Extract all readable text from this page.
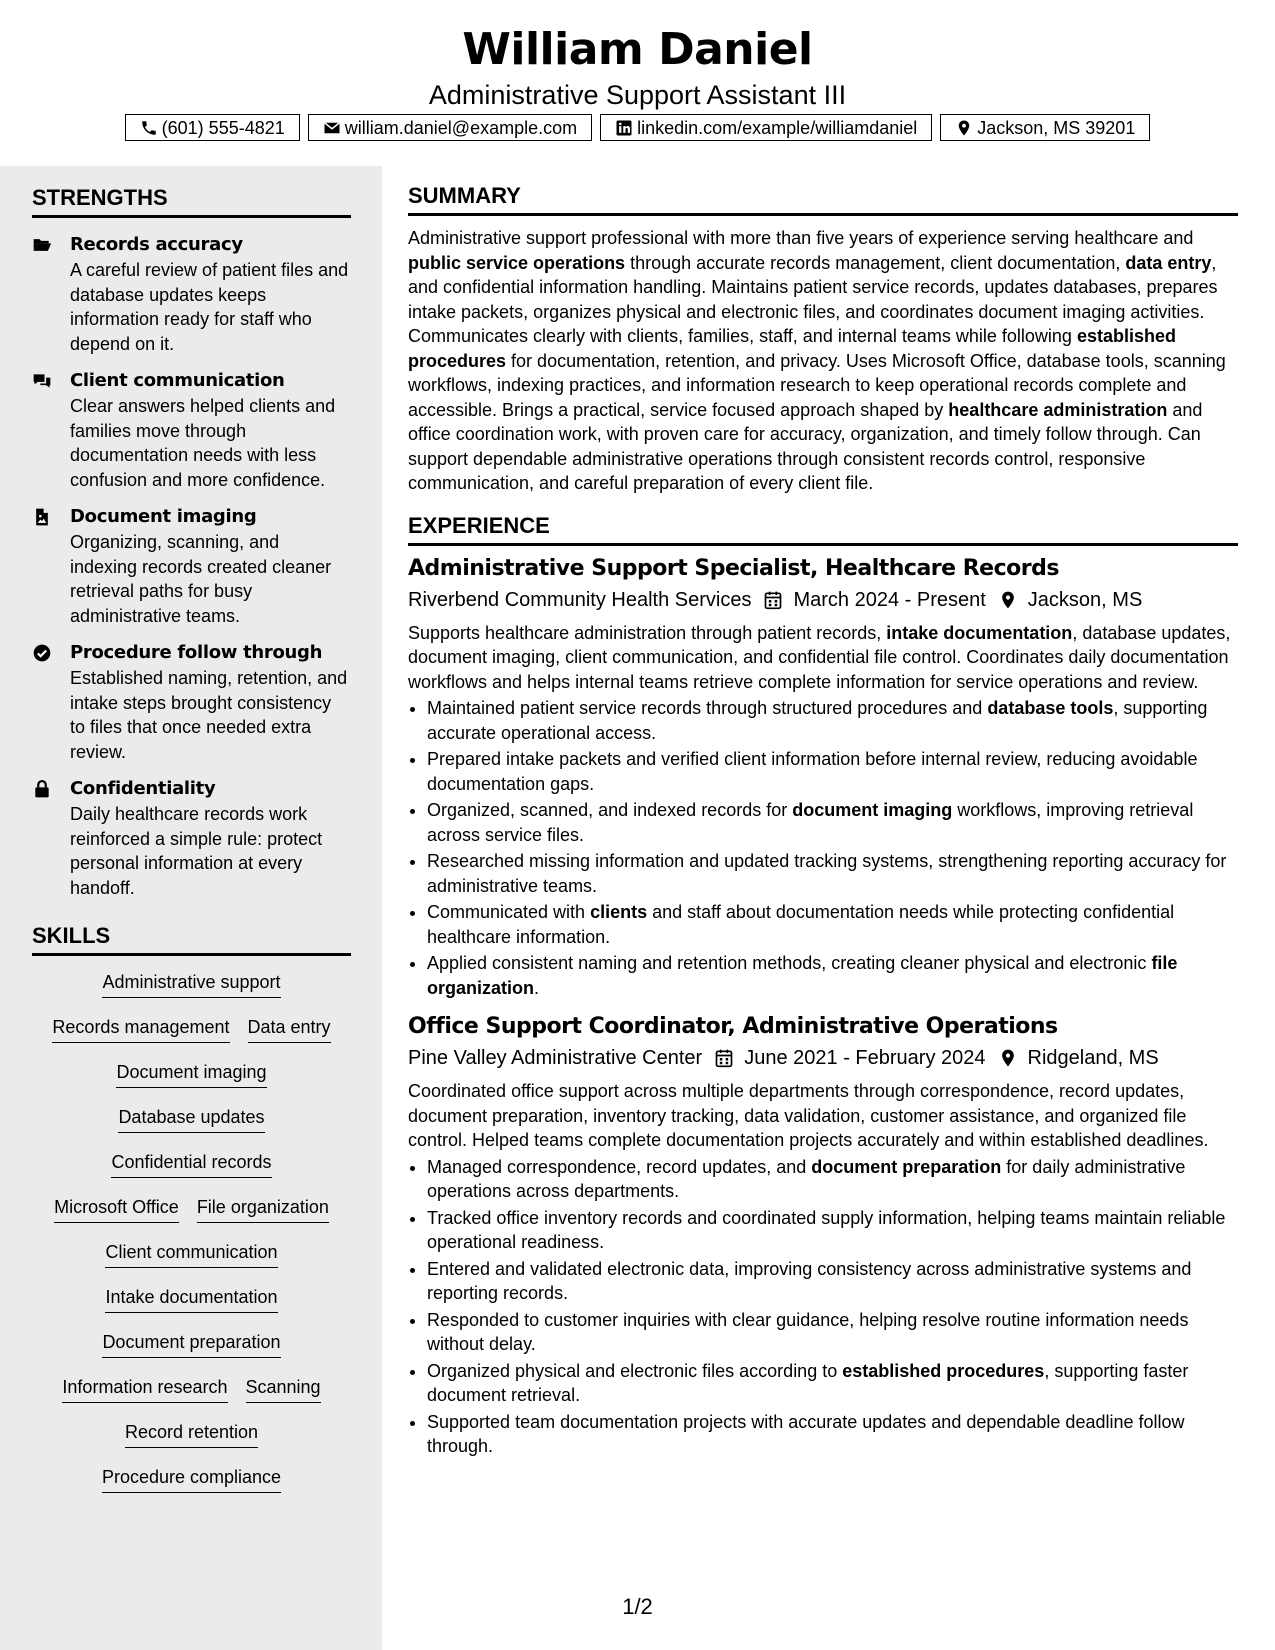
William Daniel
Administrative Support Assistant III
(601) 555-4821	william.daniel@example.com	linkedin.com/example/williamdaniel	Jackson, MS 39201
STRENGTHS
Records accuracy
A careful review of patient files and database updates keeps information ready for staff who depend on it.
Client communication
Clear answers helped clients and families move through documentation needs with less confusion and more confidence.
Document imaging
Organizing, scanning, and indexing records created cleaner retrieval paths for busy administrative teams.
Procedure follow through
Established naming, retention, and intake steps brought consistency to files that once needed extra review.
Confidentiality
Daily healthcare records work reinforced a simple rule: protect personal information at every handoff.
SKILLS
Administrative support
Records management Data entry
Document imaging
Database updates
Confidential records
Microsoft Office File organization
Client communication
Intake documentation
Document preparation
Information research Scanning
Record retention
Procedure compliance
SUMMARY
Administrative support professional with more than five years of experience serving healthcare and public service operations through accurate records management, client documentation, data entry, and confidential information handling. Maintains patient service records, updates databases, prepares intake packets, organizes physical and electronic files, and coordinates document imaging activities. Communicates clearly with clients, families, staff, and internal teams while following established procedures for documentation, retention, and privacy. Uses Microsoft Office, database tools, scanning workflows, indexing practices, and information research to keep operational records complete and accessible. Brings a practical, service focused approach shaped by healthcare administration and office coordination work, with proven care for accuracy, organization, and timely follow through. Can support dependable administrative operations through consistent records control, responsive communication, and careful preparation of every client file.
EXPERIENCE
Administrative Support Specialist, Healthcare Records
Riverbend Community Health Services March 2024 - Present Jackson, MS
Supports healthcare administration through patient records, intake documentation, database updates, document imaging, client communication, and confidential file control. Coordinates daily documentation workflows and helps internal teams retrieve complete information for service operations and review.
• Maintained patient service records through structured procedures and database tools, supporting accurate operational access.
• Prepared intake packets and verified client information before internal review, reducing avoidable documentation gaps.
• Organized, scanned, and indexed records for document imaging workflows, improving retrieval across service files.
• Researched missing information and updated tracking systems, strengthening reporting accuracy for administrative teams.
• Communicated with clients and staff about documentation needs while protecting confidential healthcare information.
• Applied consistent naming and retention methods, creating cleaner physical and electronic file organization.
Office Support Coordinator, Administrative Operations
Pine Valley Administrative Center June 2021 - February 2024 Ridgeland, MS
Coordinated office support across multiple departments through correspondence, record updates, document preparation, inventory tracking, data validation, customer assistance, and organized file control. Helped teams complete documentation projects accurately and within established deadlines.
• Managed correspondence, record updates, and document preparation for daily administrative operations across departments.
• Tracked office inventory records and coordinated supply information, helping teams maintain reliable operational readiness.
• Entered and validated electronic data, improving consistency across administrative systems and reporting records.
• Responded to customer inquiries with clear guidance, helping resolve routine information needs without delay.
• Organized physical and electronic files according to established procedures, supporting faster document retrieval.
• Supported team documentation projects with accurate updates and dependable deadline follow through.
1/2
